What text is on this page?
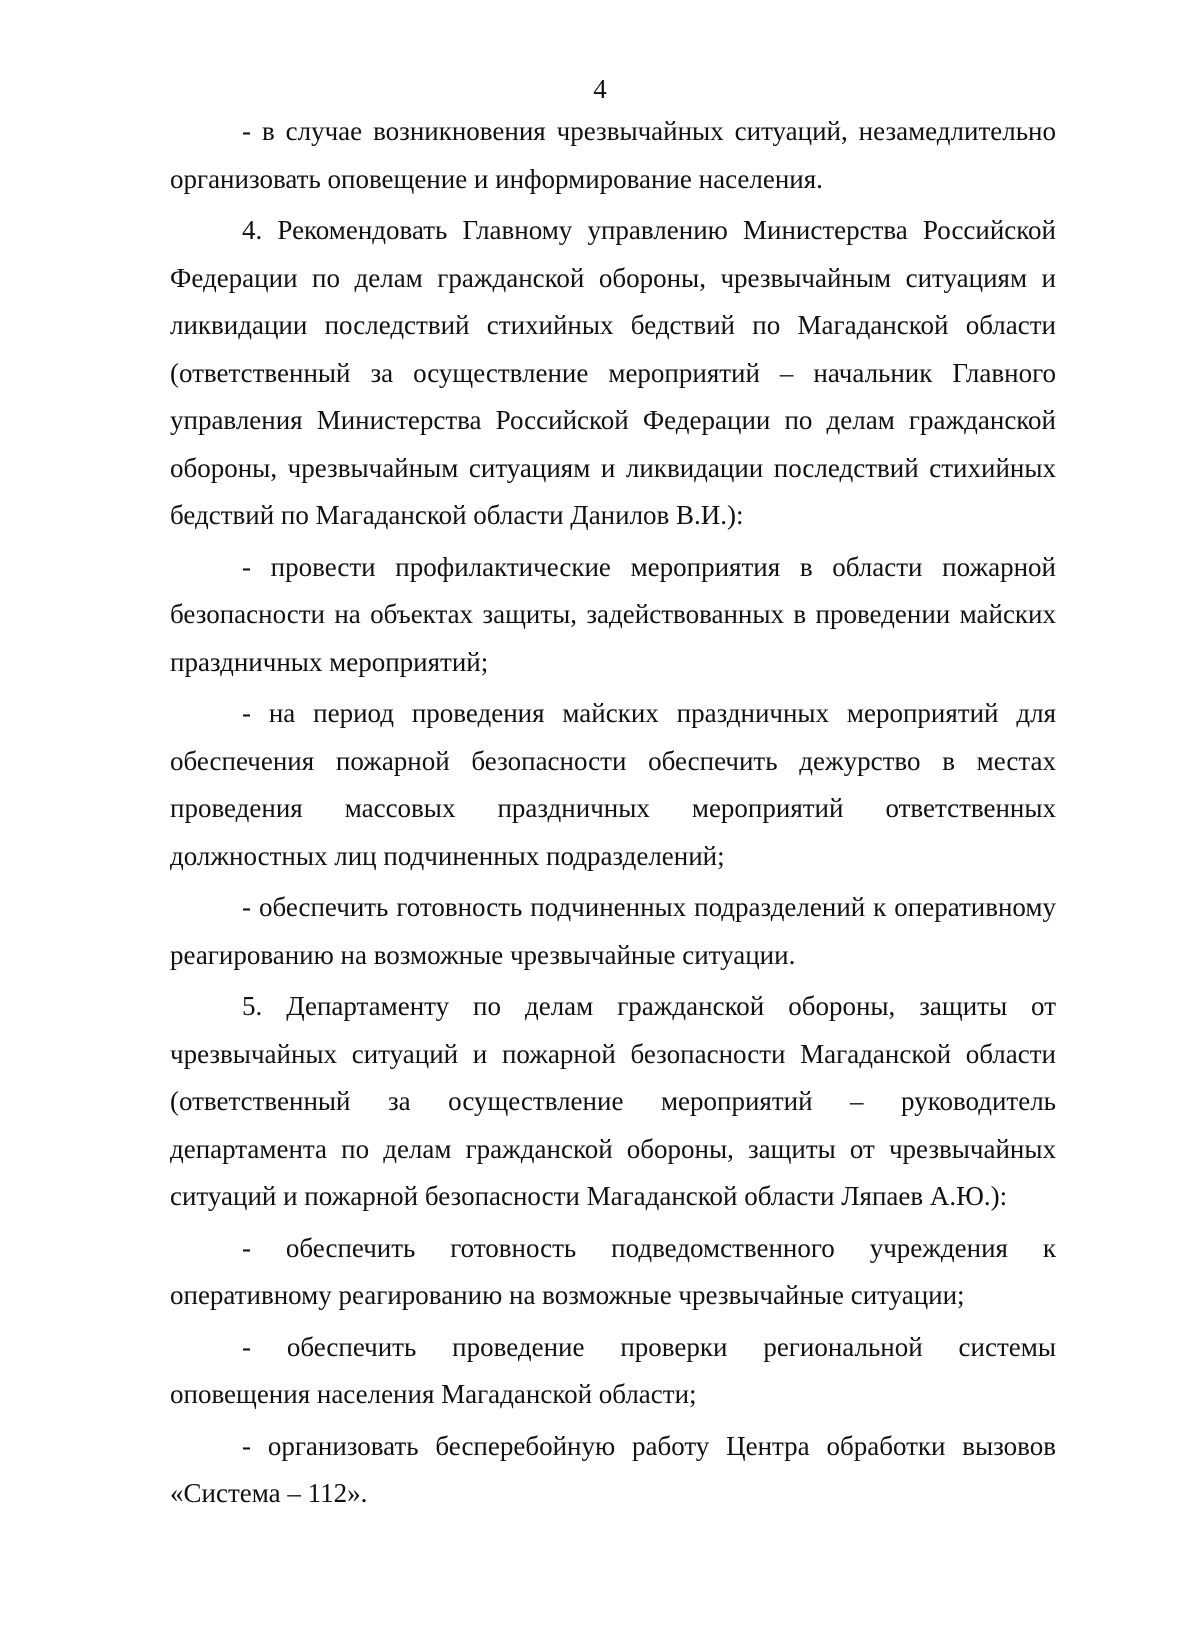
4

- в случае возникновения чрезвычайных ситуаций, незамедлительно организовать оповещение и информирование населения.

4. Рекомендовать Главному управлению Министерства Российской Федерации по делам гражданской обороны, чрезвычайным ситуациям и ликвидации последствий стихийных бедствий по Магаданской области (ответственный за осуществление мероприятий – начальник Главного управления Министерства Российской Федерации по делам гражданской обороны, чрезвычайным ситуациям и ликвидации последствий стихийных бедствий по Магаданской области Данилов В.И.):

- провести профилактические мероприятия в области пожарной безопасности на объектах защиты, задействованных в проведении майских праздничных мероприятий;

- на период проведения майских праздничных мероприятий для обеспечения пожарной безопасности обеспечить дежурство в местах проведения массовых праздничных мероприятий ответственных должностных лиц подчиненных подразделений;

- обеспечить готовность подчиненных подразделений к оперативному реагированию на возможные чрезвычайные ситуации.

5. Департаменту по делам гражданской обороны, защиты от чрезвычайных ситуаций и пожарной безопасности Магаданской области (ответственный за осуществление мероприятий – руководитель департамента по делам гражданской обороны, защиты от чрезвычайных ситуаций и пожарной безопасности Магаданской области Ляпаев А.Ю.):

- обеспечить готовность подведомственного учреждения к оперативному реагированию на возможные чрезвычайные ситуации;

- обеспечить проведение проверки региональной системы оповещения населения Магаданской области;

- организовать бесперебойную работу Центра обработки вызовов «Система – 112».
